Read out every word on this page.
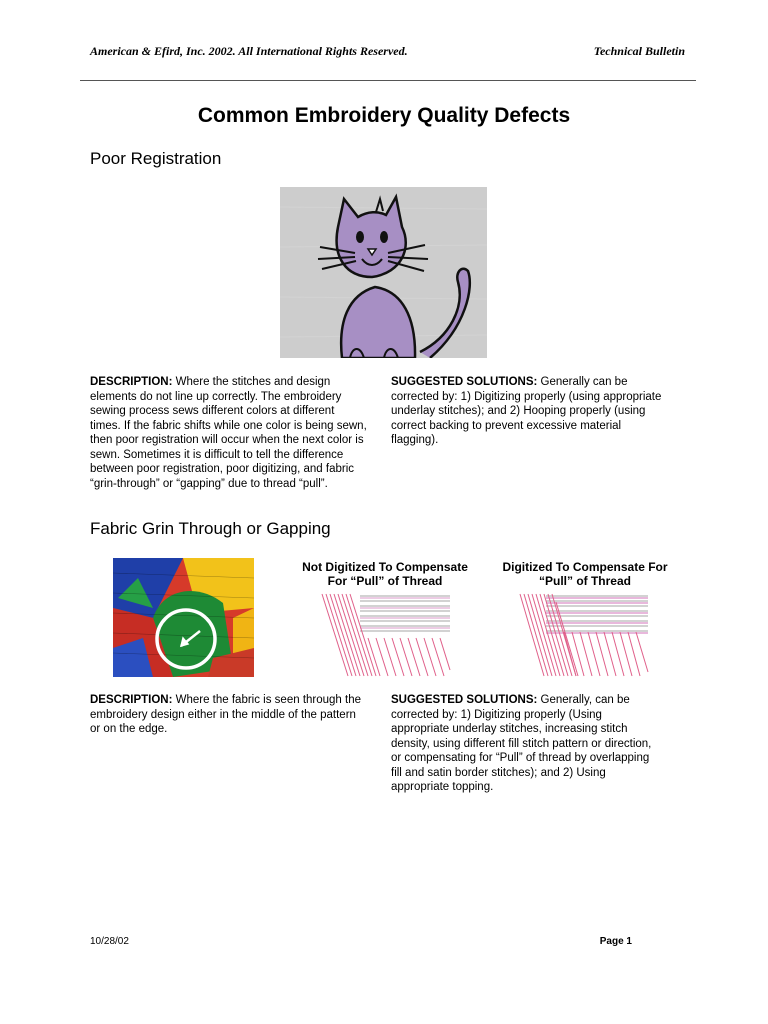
American & Efird, Inc. 2002. All International Rights Reserved.	Technical Bulletin
Common Embroidery Quality Defects
Poor Registration
DESCRIPTION: Where the stitches and design elements do not line up correctly. The embroidery sewing process sews different colors at different times. If the fabric shifts while one color is being sewn, then poor registration will occur when the next color is sewn. Sometimes it is difficult to tell the difference between poor registration, poor digitizing, and fabric “grin-through” or “gapping” due to thread “pull”.
SUGGESTED SOLUTIONS: Generally can be corrected by: 1) Digitizing properly (using appropriate underlay stitches); and 2) Hooping properly (using correct backing to prevent excessive material flagging).
Fabric Grin Through or Gapping
Not Digitized To Compensate
For “Pull” of Thread
Digitized To Compensate For
“Pull” of Thread
DESCRIPTION: Where the fabric is seen through the embroidery design either in the middle of the pattern or on the edge.
SUGGESTED SOLUTIONS: Generally, can be corrected by: 1) Digitizing properly (Using appropriate underlay stitches, increasing stitch density, using different fill stitch pattern or direction, or compensating for “Pull” of thread by overlapping fill and satin border stitches); and 2) Using appropriate topping.
10/28/02	Page 1
